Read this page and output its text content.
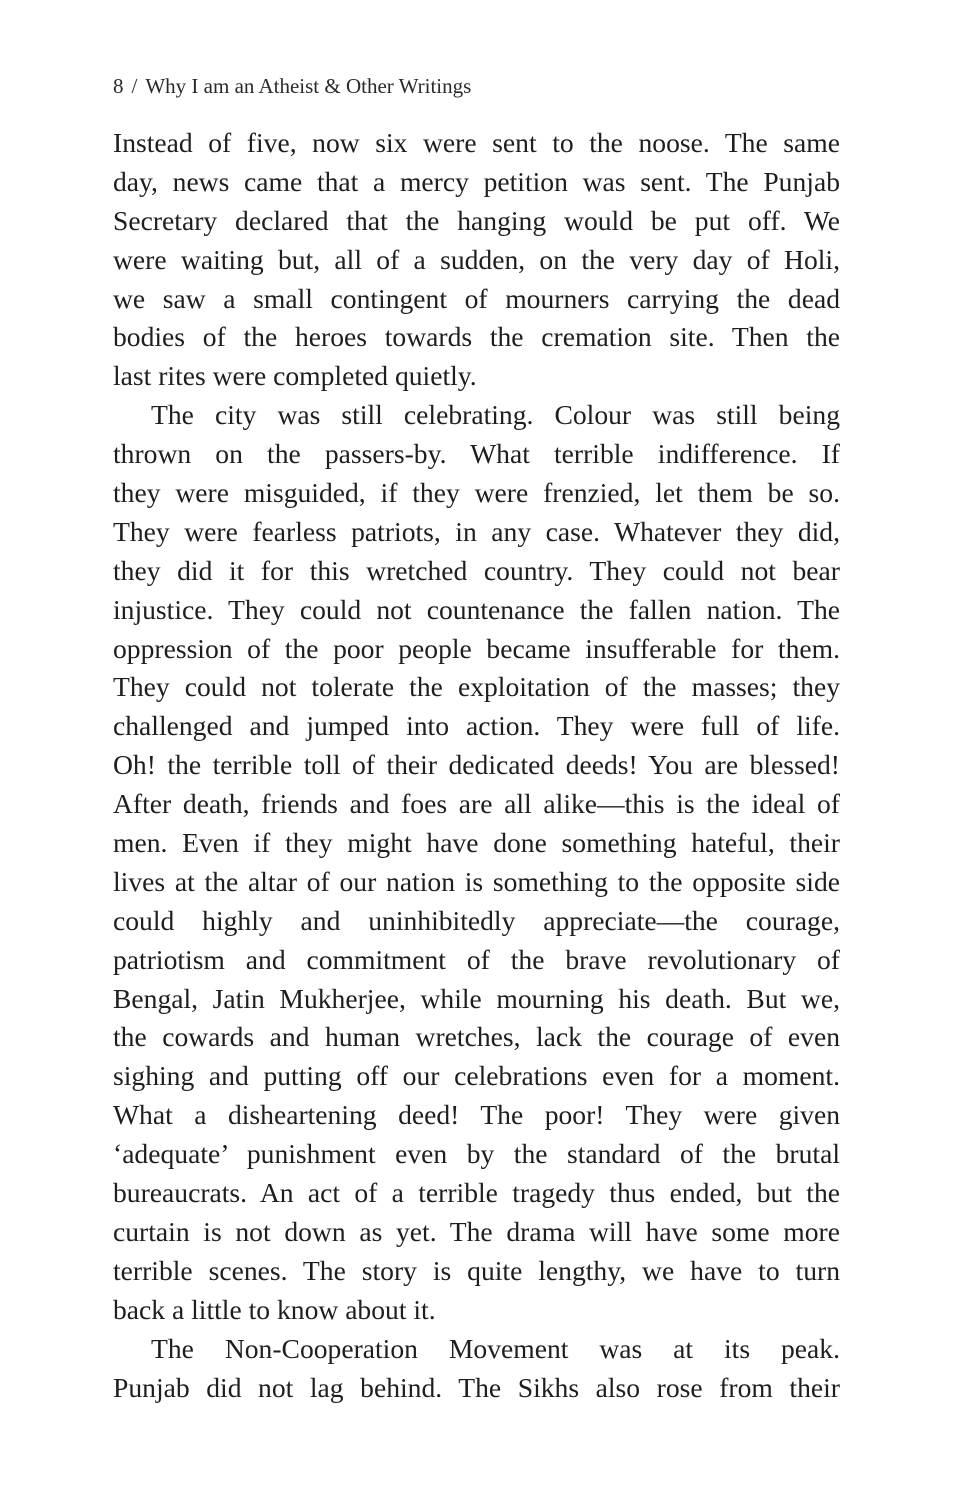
8 / Why I am an Atheist & Other Writings
Instead of five, now six were sent to the noose. The same
day, news came that a mercy petition was sent. The Punjab
Secretary declared that the hanging would be put off. We
were waiting but, all of a sudden, on the very day of Holi,
we saw a small contingent of mourners carrying the dead
bodies of the heroes towards the cremation site. Then the
last rites were completed quietly.
The city was still celebrating. Colour was still being
thrown on the passers-by. What terrible indifference. If
they were misguided, if they were frenzied, let them be so.
They were fearless patriots, in any case. Whatever they did,
they did it for this wretched country. They could not bear
injustice. They could not countenance the fallen nation. The
oppression of the poor people became insufferable for them.
They could not tolerate the exploitation of the masses; they
challenged and jumped into action. They were full of life.
Oh! the terrible toll of their dedicated deeds! You are blessed!
After death, friends and foes are all alike—this is the ideal of
men. Even if they might have done something hateful, their
lives at the altar of our nation is something to the opposite side
could highly and uninhibitedly appreciate—the courage,
patriotism and commitment of the brave revolutionary of
Bengal, Jatin Mukherjee, while mourning his death. But we,
the cowards and human wretches, lack the courage of even
sighing and putting off our celebrations even for a moment.
What a disheartening deed! The poor! They were given
‘adequate’ punishment even by the standard of the brutal
bureaucrats. An act of a terrible tragedy thus ended, but the
curtain is not down as yet. The drama will have some more
terrible scenes. The story is quite lengthy, we have to turn
back a little to know about it.
The Non-Cooperation Movement was at its peak.
Punjab did not lag behind. The Sikhs also rose from their
